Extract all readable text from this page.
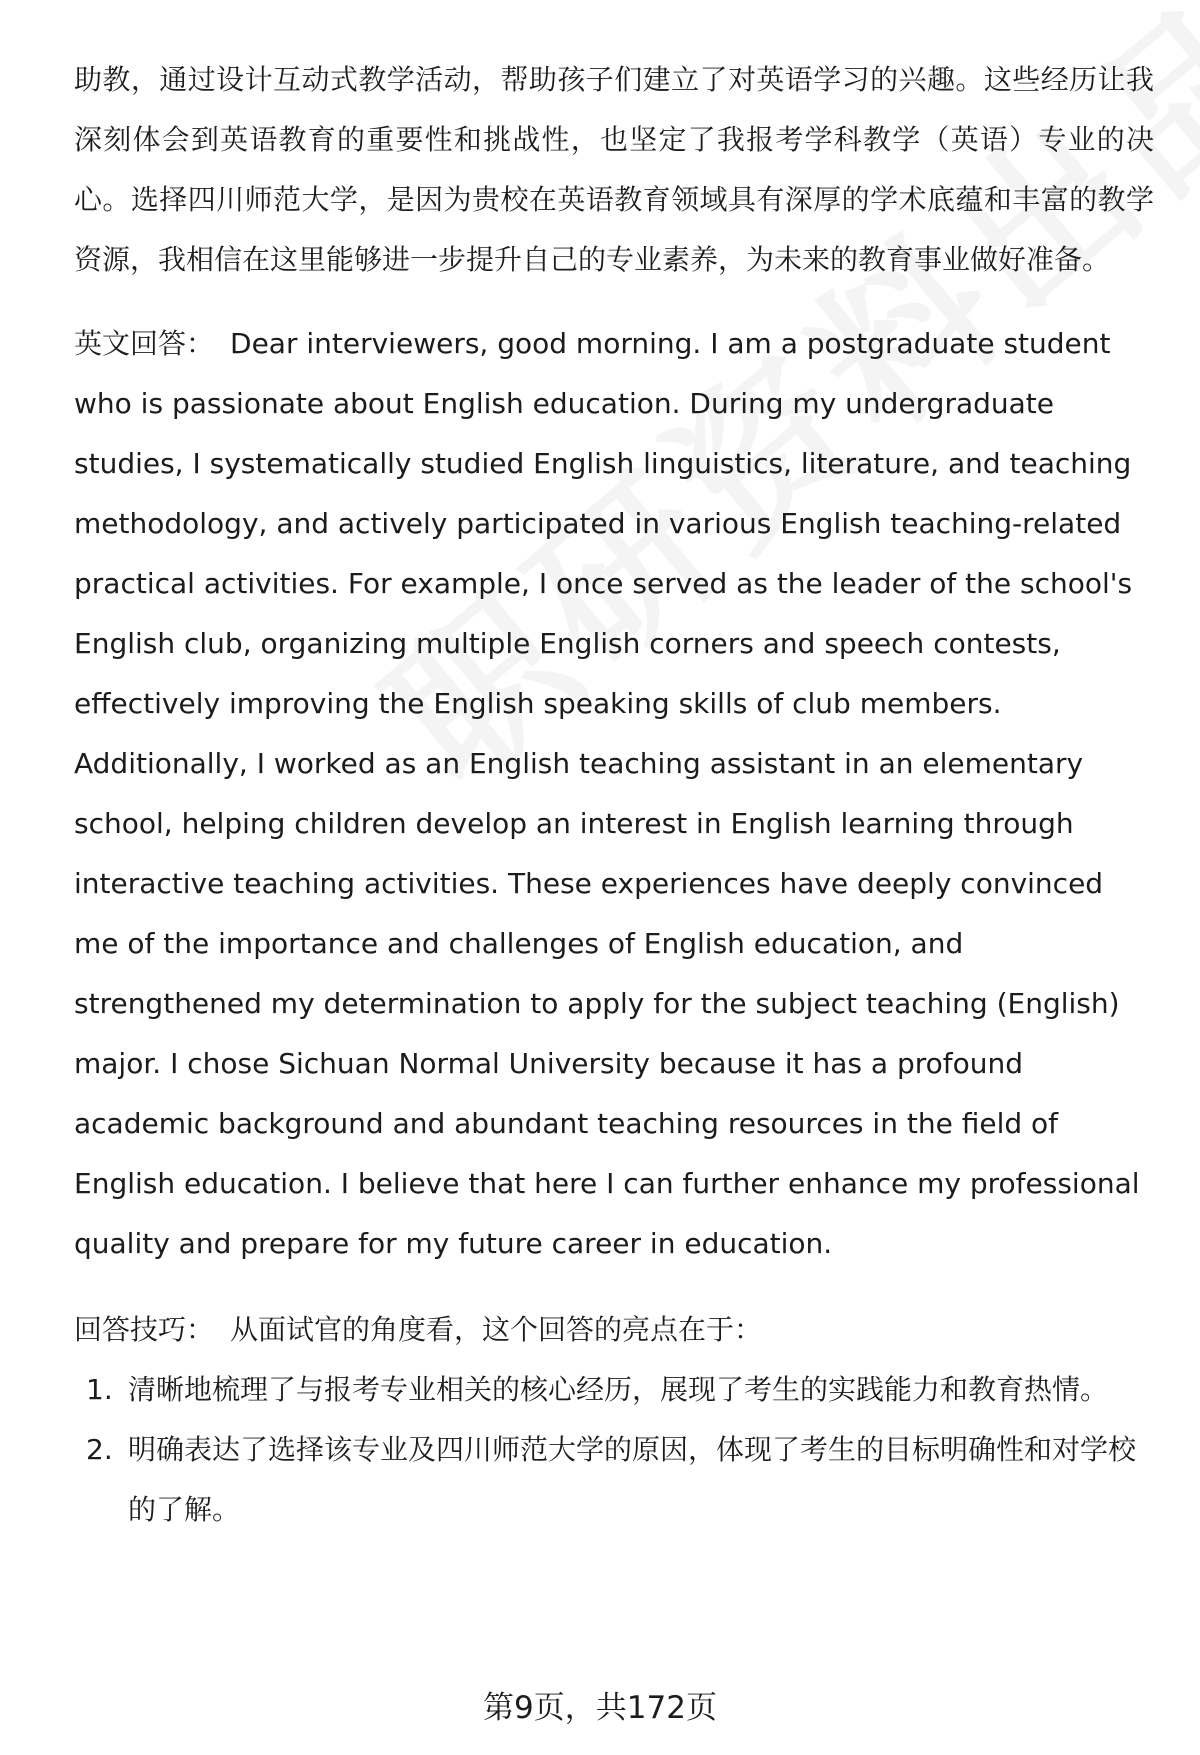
助教，通过设计互动式教学活动，帮助孩子们建立了对英语学习的兴趣。这些经历让我深刻体会到英语教育的重要性和挑战性，也坚定了我报考学科教学（英语）专业的决心。选择四川师范大学，是因为贵校在英语教育领域具有深厚的学术底蕴和丰富的教学资源，我相信在这里能够进一步提升自己的专业素养，为未来的教育事业做好准备。

英文回答： Dear interviewers, good morning. I am a postgraduate student who is passionate about English education. During my undergraduate studies, I systematically studied English linguistics, literature, and teaching methodology, and actively participated in various English teaching-related practical activities. For example, I once served as the leader of the school's English club, organizing multiple English corners and speech contests, effectively improving the English speaking skills of club members. Additionally, I worked as an English teaching assistant in an elementary school, helping children develop an interest in English learning through interactive teaching activities. These experiences have deeply convinced me of the importance and challenges of English education, and strengthened my determination to apply for the subject teaching (English) major. I chose Sichuan Normal University because it has a profound academic background and abundant teaching resources in the field of English education. I believe that here I can further enhance my professional quality and prepare for my future career in education.

回答技巧： 从面试官的角度看，这个回答的亮点在于：

1. 清晰地梳理了与报考专业相关的核心经历，展现了考生的实践能力和教育热情。
2. 明确表达了选择该专业及四川师范大学的原因，体现了考生的目标明确性和对学校的了解。
第9页，共172页
